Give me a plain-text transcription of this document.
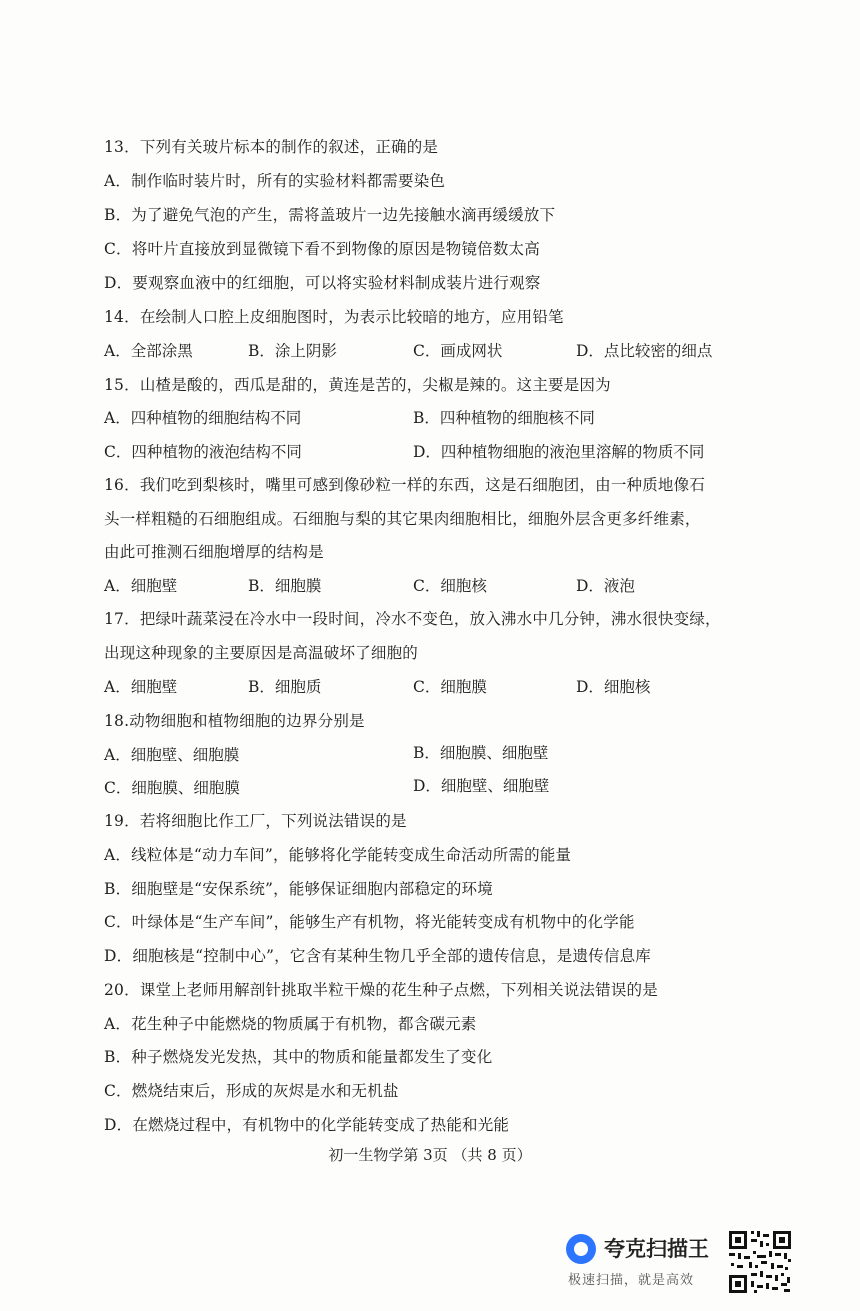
13．下列有关玻片标本的制作的叙述，正确的是
A．制作临时装片时，所有的实验材料都需要染色
B．为了避免气泡的产生，需将盖玻片一边先接触水滴再缓缓放下
C．将叶片直接放到显微镜下看不到物像的原因是物镜倍数太高
D．要观察血液中的红细胞，可以将实验材料制成装片进行观察
14．在绘制人口腔上皮细胞图时，为表示比较暗的地方，应用铅笔
A．全部涂黑	B．涂上阴影	C．画成网状	D．点比较密的细点
15．山楂是酸的，西瓜是甜的，黄连是苦的，尖椒是辣的。这主要是因为
A．四种植物的细胞结构不同	B．四种植物的细胞核不同
C．四种植物的液泡结构不同	D．四种植物细胞的液泡里溶解的物质不同
16．我们吃到梨核时，嘴里可感到像砂粒一样的东西，这是石细胞团，由一种质地像石
头一样粗糙的石细胞组成。石细胞与梨的其它果肉细胞相比，细胞外层含更多纤维素，
由此可推测石细胞增厚的结构是
A．细胞壁	B．细胞膜	C．细胞核	D．液泡
17．把绿叶蔬菜浸在冷水中一段时间，冷水不变色，放入沸水中几分钟，沸水很快变绿，
出现这种现象的主要原因是高温破坏了细胞的
A．细胞壁	B．细胞质	C．细胞膜	D．细胞核
18.动物细胞和植物细胞的边界分别是
A．细胞壁、细胞膜	B．细胞膜、细胞壁
C．细胞膜、细胞膜	D．细胞壁、细胞壁
19．若将细胞比作工厂，下列说法错误的是
A．线粒体是“动力车间”，能够将化学能转变成生命活动所需的能量
B．细胞壁是“安保系统”，能够保证细胞内部稳定的环境
C．叶绿体是“生产车间”，能够生产有机物，将光能转变成有机物中的化学能
D．细胞核是“控制中心”，它含有某种生物几乎全部的遗传信息，是遗传信息库
20．课堂上老师用解剖针挑取半粒干燥的花生种子点燃，下列相关说法错误的是
A．花生种子中能燃烧的物质属于有机物，都含碳元素
B．种子燃烧发光发热，其中的物质和能量都发生了变化
C．燃烧结束后，形成的灰烬是水和无机盐
D．在燃烧过程中，有机物中的化学能转变成了热能和光能
初一生物学第 3页 （共 8 页）
夸克扫描王
极速扫描，就是高效
